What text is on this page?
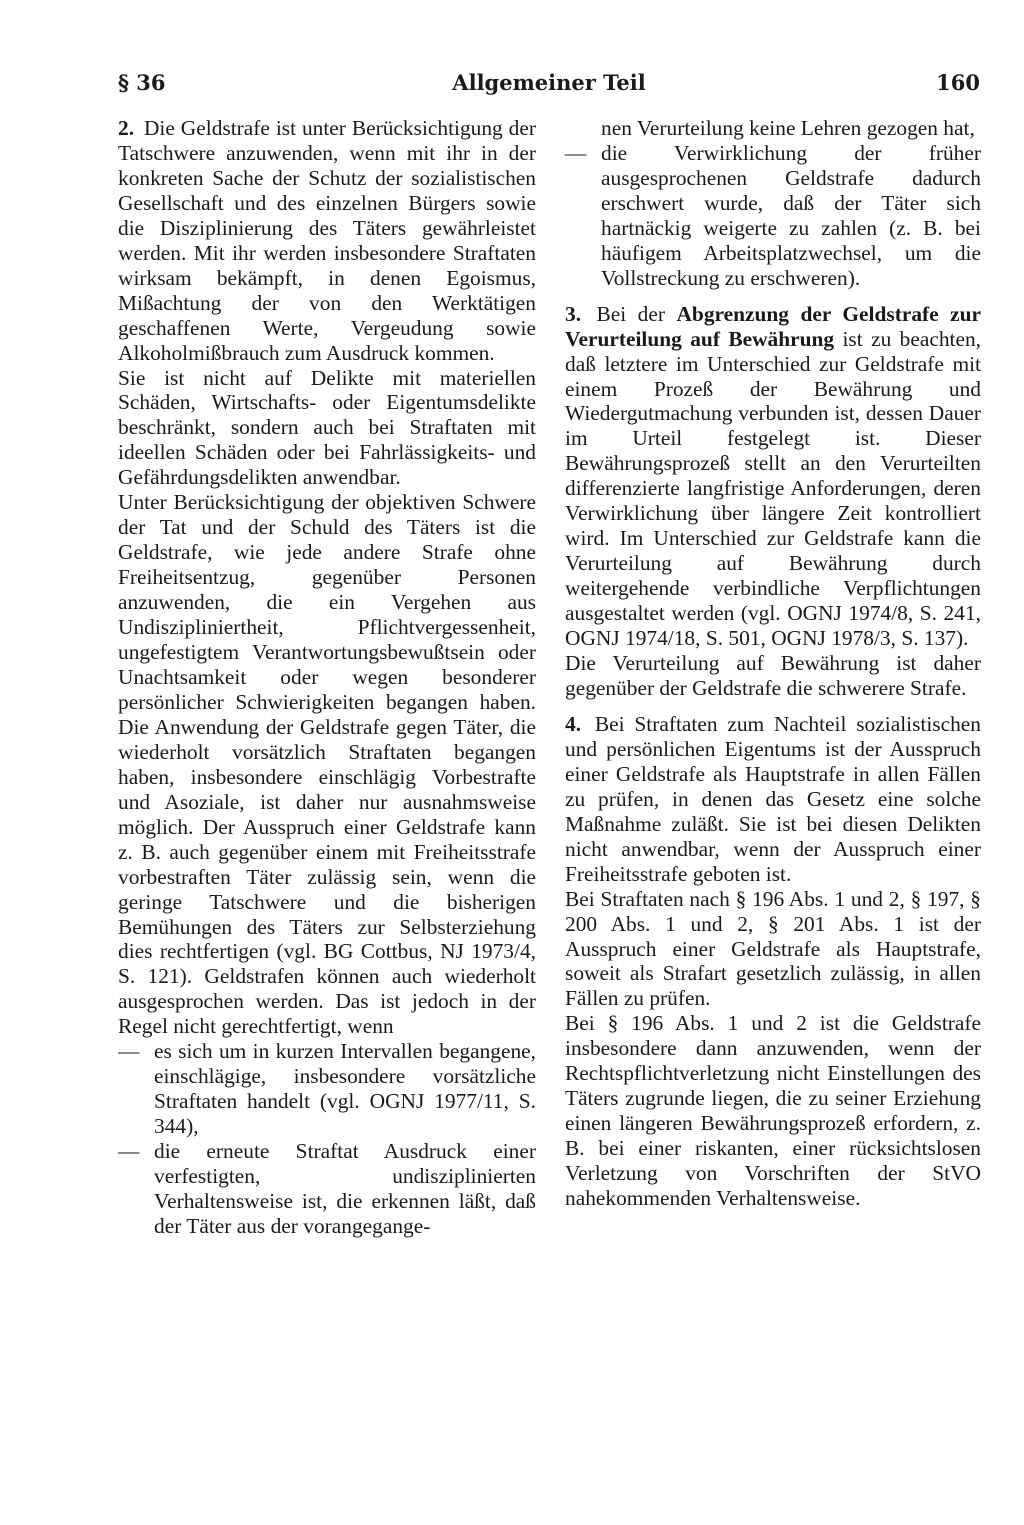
§ 36	Allgemeiner Teil	160

2. Die Geldstrafe ist unter Berücksichtigung der Tatschwere anzuwenden, wenn mit ihr in der konkreten Sache der Schutz der sozialistischen Gesellschaft und des einzelnen Bürgers sowie die Disziplinierung des Täters gewährleistet werden. Mit ihr werden insbesondere Straftaten wirksam bekämpft, in denen Egoismus, Mißachtung der von den Werktätigen geschaffenen Werte, Vergeudung sowie Alkoholmißbrauch zum Ausdruck kommen.

Sie ist nicht auf Delikte mit materiellen Schäden, Wirtschafts- oder Eigentumsdelikte beschränkt, sondern auch bei Straftaten mit ideellen Schäden oder bei Fahrlässigkeits- und Gefährdungsdelikten anwendbar.

Unter Berücksichtigung der objektiven Schwere der Tat und der Schuld des Täters ist die Geldstrafe, wie jede andere Strafe ohne Freiheitsentzug, gegenüber Personen anzuwenden, die ein Vergehen aus Undiszipliniertheit, Pflichtvergessenheit, ungefestigtem Verantwortungsbewußtsein oder Unachtsamkeit oder wegen besonderer persönlicher Schwierigkeiten begangen haben. Die Anwendung der Geldstrafe gegen Täter, die wiederholt vorsätzlich Straftaten begangen haben, insbesondere einschlägig Vorbestrafte und Asoziale, ist daher nur ausnahmsweise möglich. Der Ausspruch einer Geldstrafe kann z. B. auch gegenüber einem mit Freiheitsstrafe vorbestraften Täter zulässig sein, wenn die geringe Tatschwere und die bisherigen Bemühungen des Täters zur Selbsterziehung dies rechtfertigen (vgl. BG Cottbus, NJ 1973/4, S. 121). Geldstrafen können auch wiederholt ausgesprochen werden. Das ist jedoch in der Regel nicht gerechtfertigt, wenn

— es sich um in kurzen Intervallen begangene, einschlägige, insbesondere vorsätzliche Straftaten handelt (vgl. OGNJ 1977/11, S. 344),

— die erneute Straftat Ausdruck einer verfestigten, undisziplinierten Verhaltensweise ist, die erkennen läßt, daß der Täter aus der vorangegange-

nen Verurteilung keine Lehren gezogen hat,

— die Verwirklichung der früher ausgesprochenen Geldstrafe dadurch erschwert wurde, daß der Täter sich hartnäckig weigerte zu zahlen (z. B. bei häufigem Arbeitsplatzwechsel, um die Vollstreckung zu erschweren).

3. Bei der Abgrenzung der Geldstrafe zur Verurteilung auf Bewährung ist zu beachten, daß letztere im Unterschied zur Geldstrafe mit einem Prozeß der Bewährung und Wiedergutmachung verbunden ist, dessen Dauer im Urteil festgelegt ist. Dieser Bewährungsprozeß stellt an den Verurteilten differenzierte langfristige Anforderungen, deren Verwirklichung über längere Zeit kontrolliert wird. Im Unterschied zur Geldstrafe kann die Verurteilung auf Bewährung durch weitergehende verbindliche Verpflichtungen ausgestaltet werden (vgl. OGNJ 1974/8, S. 241, OGNJ 1974/18, S. 501, OGNJ 1978/3, S. 137).

Die Verurteilung auf Bewährung ist daher gegenüber der Geldstrafe die schwerere Strafe.

4. Bei Straftaten zum Nachteil sozialistischen und persönlichen Eigentums ist der Ausspruch einer Geldstrafe als Hauptstrafe in allen Fällen zu prüfen, in denen das Gesetz eine solche Maßnahme zuläßt. Sie ist bei diesen Delikten nicht anwendbar, wenn der Ausspruch einer Freiheitsstrafe geboten ist.

Bei Straftaten nach § 196 Abs. 1 und 2, § 197, § 200 Abs. 1 und 2, § 201 Abs. 1 ist der Ausspruch einer Geldstrafe als Hauptstrafe, soweit als Strafart gesetzlich zulässig, in allen Fällen zu prüfen.

Bei § 196 Abs. 1 und 2 ist die Geldstrafe insbesondere dann anzuwenden, wenn der Rechtspflichtverletzung nicht Einstellungen des Täters zugrunde liegen, die zu seiner Erziehung einen längeren Bewährungsprozeß erfordern, z. B. bei einer riskanten, einer rücksichtslosen Verletzung von Vorschriften der StVO nahekommenden Verhaltensweise.
